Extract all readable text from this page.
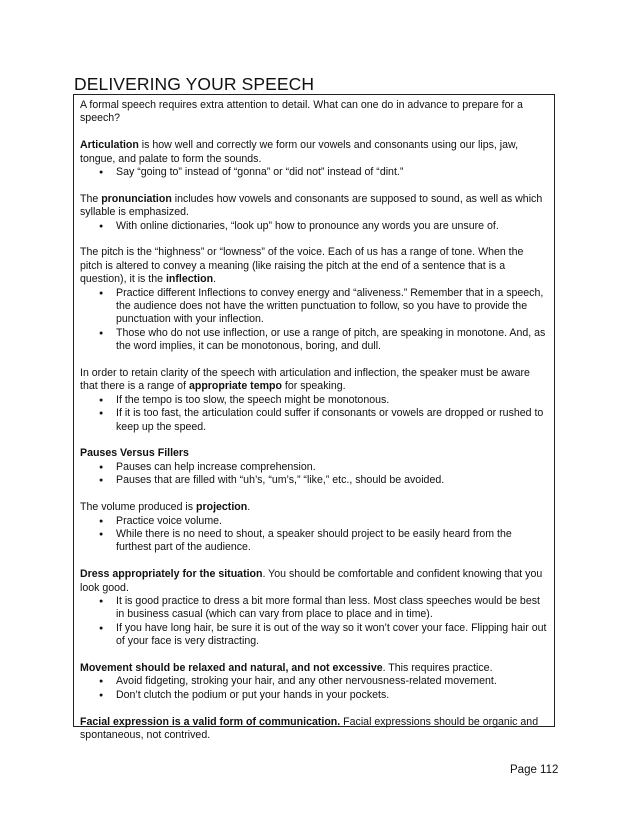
DELIVERING YOUR SPEECH

A formal speech requires extra attention to detail. What can one do in advance to prepare for a speech?

Articulation is how well and correctly we form our vowels and consonants using our lips, jaw, tongue, and palate to form the sounds.

● Say “going to” instead of “gonna” or “did not” instead of “dint.”

The pronunciation includes how vowels and consonants are supposed to sound, as well as which syllable is emphasized.

● With online dictionaries, “look up” how to pronounce any words you are unsure of.

The pitch is the “highness” or “lowness” of the voice. Each of us has a range of tone. When the pitch is altered to convey a meaning (like raising the pitch at the end of a sentence that is a question), it is the inflection.

● Practice different Inflections to convey energy and “aliveness.” Remember that in a speech, the audience does not have the written punctuation to follow, so you have to provide the punctuation with your inflection.
● Those who do not use inflection, or use a range of pitch, are speaking in monotone. And, as the word implies, it can be monotonous, boring, and dull.

In order to retain clarity of the speech with articulation and inflection, the speaker must be aware that there is a range of appropriate tempo for speaking.

● If the tempo is too slow, the speech might be monotonous.
● If it is too fast, the articulation could suffer if consonants or vowels are dropped or rushed to keep up the speed.

Pauses Versus Fillers

● Pauses can help increase comprehension.
● Pauses that are filled with “uh’s, “um’s,” “like,” etc., should be avoided.

The volume produced is projection.

● Practice voice volume.
● While there is no need to shout, a speaker should project to be easily heard from the furthest part of the audience.

Dress appropriately for the situation. You should be comfortable and confident knowing that you look good.

● It is good practice to dress a bit more formal than less. Most class speeches would be best in business casual (which can vary from place to place and in time).
● If you have long hair, be sure it is out of the way so it won’t cover your face. Flipping hair out of your face is very distracting.

Movement should be relaxed and natural, and not excessive. This requires practice.

● Avoid fidgeting, stroking your hair, and any other nervousness-related movement.
● Don’t clutch the podium or put your hands in your pockets.

Facial expression is a valid form of communication. Facial expressions should be organic and spontaneous, not contrived.

Page 112
